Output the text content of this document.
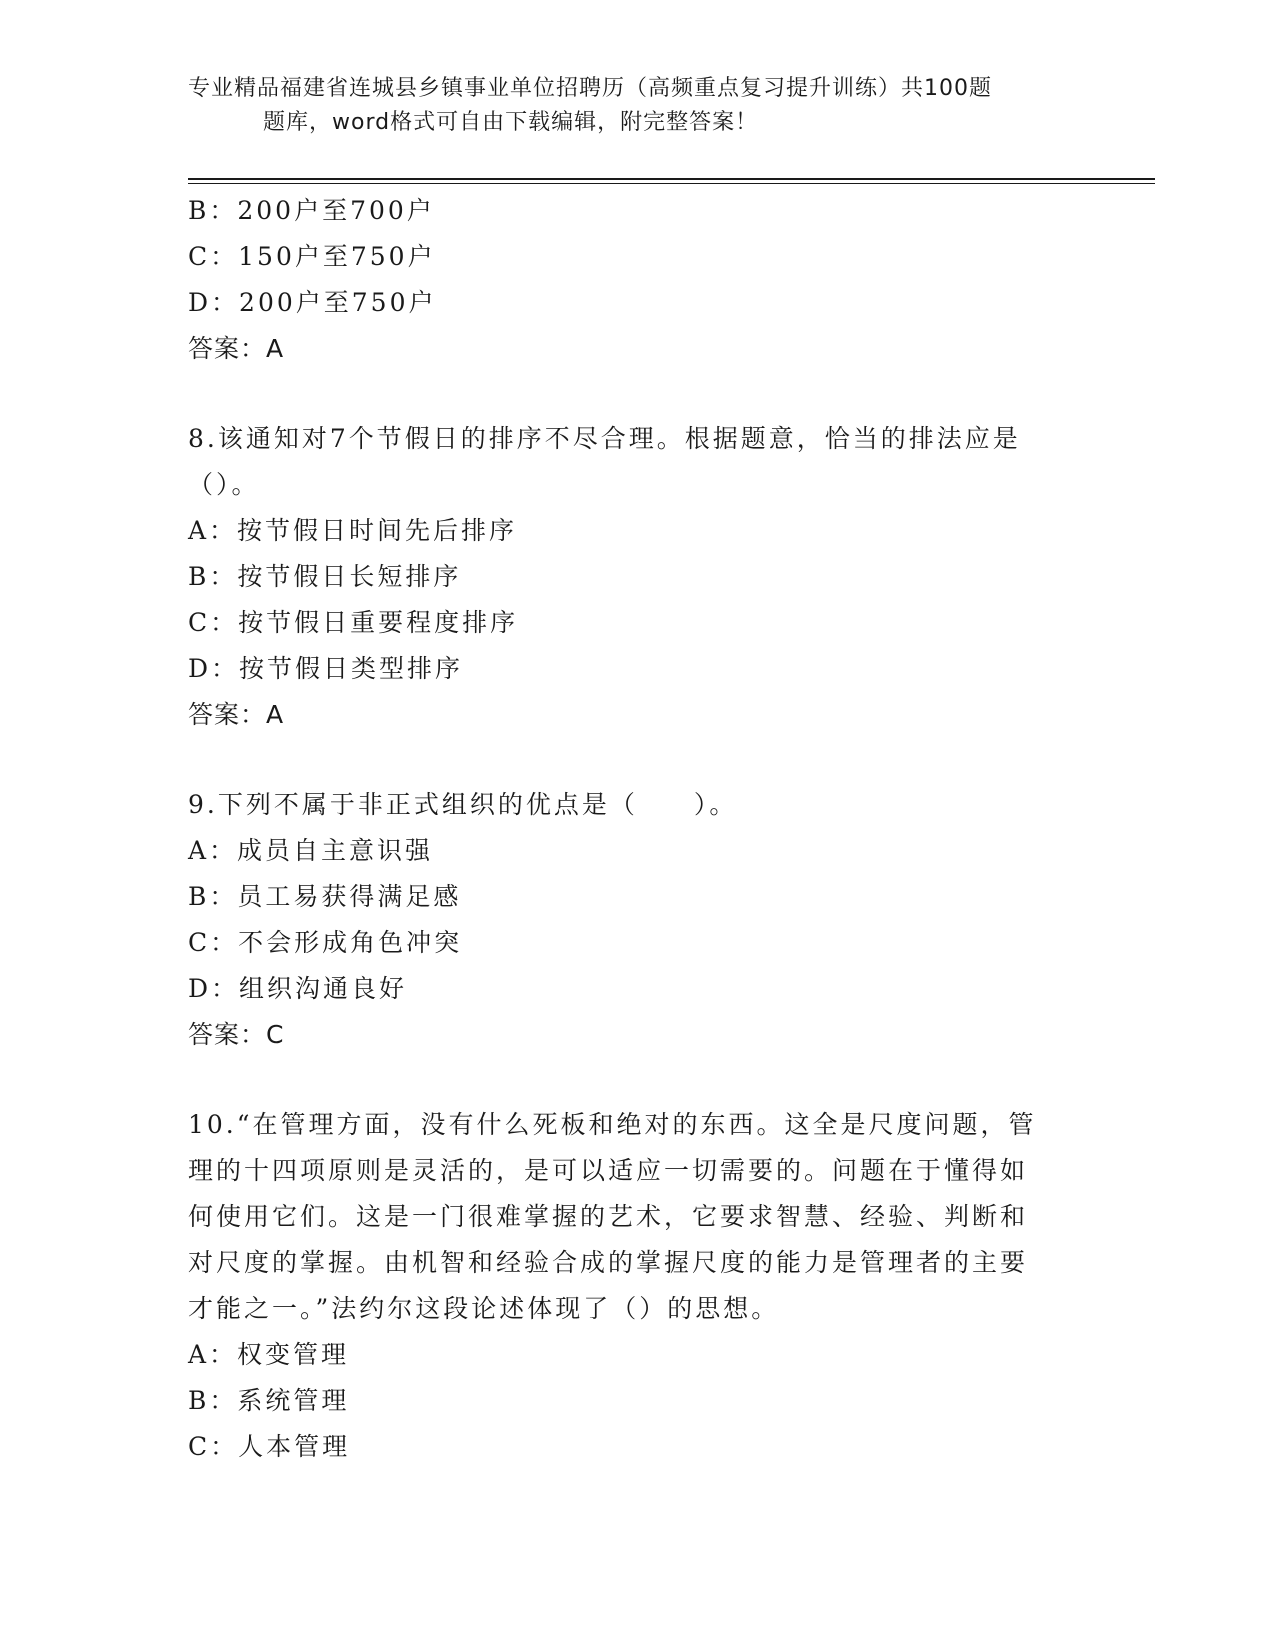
专业精品福建省连城县乡镇事业单位招聘历（高频重点复习提升训练）共100题
题库，word格式可自由下载编辑，附完整答案！
B：200户至700户
C：150户至750户
D：200户至750户
答案：A
8.该通知对7个节假日的排序不尽合理。根据题意，恰当的排法应是
（）。
A：按节假日时间先后排序
B：按节假日长短排序
C：按节假日重要程度排序
D：按节假日类型排序
答案：A
9.下列不属于非正式组织的优点是（　　）。
A：成员自主意识强
B：员工易获得满足感
C：不会形成角色冲突
D：组织沟通良好
答案：C
10.“在管理方面，没有什么死板和绝对的东西。这全是尺度问题，管
理的十四项原则是灵活的，是可以适应一切需要的。问题在于懂得如
何使用它们。这是一门很难掌握的艺术，它要求智慧、经验、判断和
对尺度的掌握。由机智和经验合成的掌握尺度的能力是管理者的主要
才能之一。”法约尔这段论述体现了（）的思想。
A：权变管理
B：系统管理
C：人本管理
